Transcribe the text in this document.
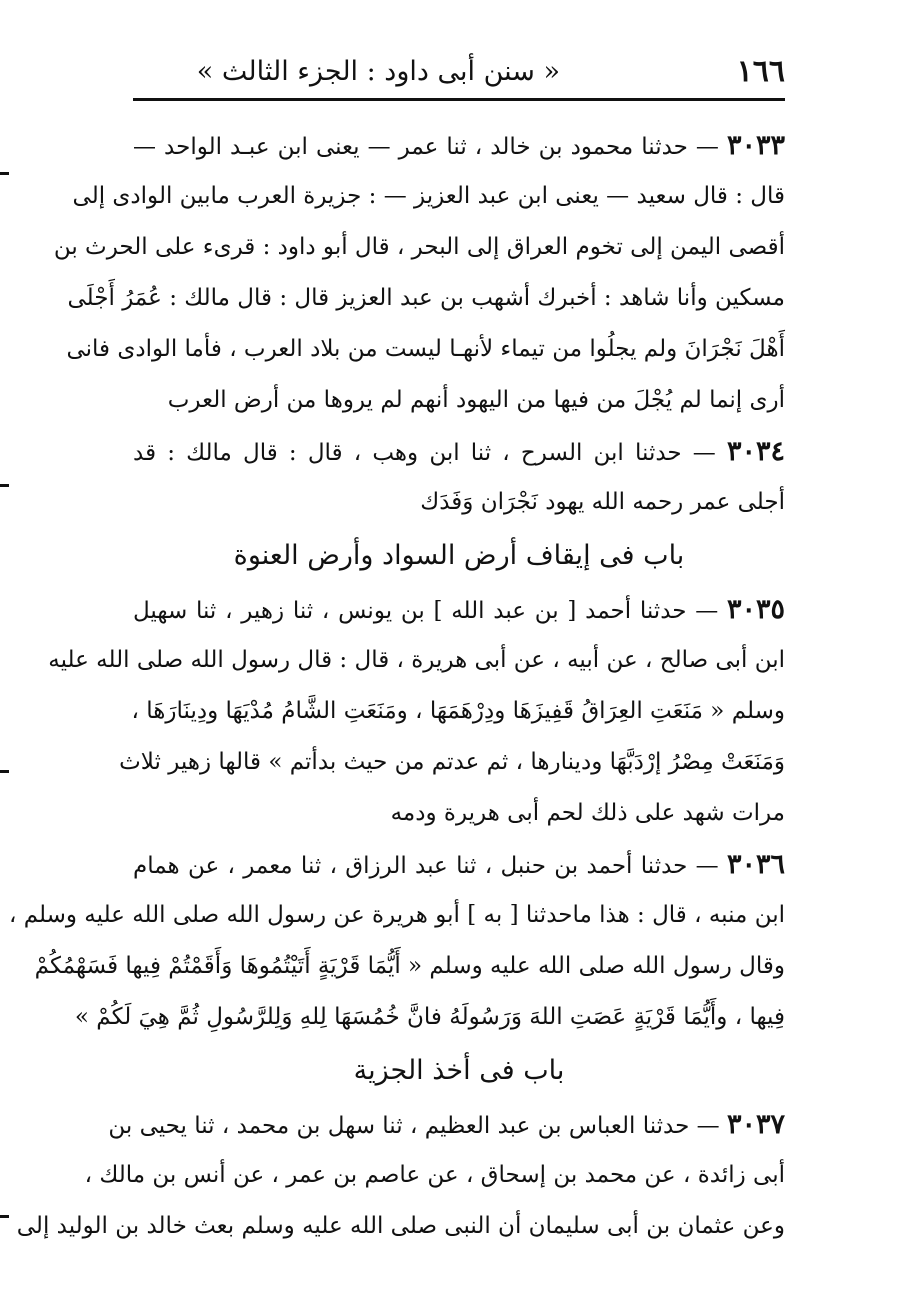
١٦٦
« سنن أبى داود : الجزء الثالث »
٣٠٣٣ — حدثنا محمود بن خالد ، ثنا عمر — يعنى ابن عبـد الواحد —
قال : قال سعيد — يعنى ابن عبد العزيز — : جزيرة العرب مابين الوادى إلى
أقصى اليمن إلى تخوم العراق إلى البحر ، قال أبو داود : قرىء على الحرث بن
مسكين وأنا شاهد : أخبرك أشهب بن عبد العزيز قال : قال مالك : عُمَرُ أَجْلَى
أَهْلَ نَجْرَانَ ولم يجلُوا من تيماء لأنهـا ليست من بلاد العرب ، فأما الوادى فانى
أرى إنما لم يُجْلَ من فيها من اليهود أنهم لم يروها من أرض العرب
٣٠٣٤ — حدثنا ابن السرح ، ثنا ابن وهب ، قال : قال مالك : قد
أجلى عمر رحمه الله يهود نَجْرَان وَفَدَك
باب فى إيقاف أرض السواد وأرض العنوة
٣٠٣٥ — حدثنا أحمد [ بن عبد الله ] بن يونس ، ثنا زهير ، ثنا سهيل
ابن أبى صالح ، عن أبيه ، عن أبى هريرة ، قال : قال رسول الله صلى الله عليه
وسلم « مَنَعَتِ العِرَاقُ قَفِيزَهَا ودِرْهَمَهَا ، ومَنَعَتِ الشَّامُ مُدْيَهَا ودِينَارَهَا ،
وَمَنَعَتْ مِصْرُ إرْدَبَّهَا ودينارها ، ثم عدتم من حيث بدأتم » قالها زهير ثلاث
مرات شهد على ذلك لحم أبى هريرة ودمه
٣٠٣٦ — حدثنا أحمد بن حنبل ، ثنا عبد الرزاق ، ثنا معمر ، عن همام
ابن منبه ، قال : هذا ماحدثنا [ به ] أبو هريرة عن رسول الله صلى الله عليه وسلم ،
وقال رسول الله صلى الله عليه وسلم « أَيُّمَا قَرْيَةٍ أَتَيْتُمُوهَا وَأَقَمْتُمْ فِيها فَسَهْمُكُمْ
فِيها ، وأَيُّمَا قَرْيَةٍ عَصَتِ اللهَ وَرَسُولَهُ فانَّ خُمُسَهَا لِلهِ وَلِلرَّسُولِ ثُمَّ هِيَ لَكُمْ »
باب فى أخذ الجزية
٣٠٣٧ — حدثنا العباس بن عبد العظيم ، ثنا سهل بن محمد ، ثنا يحيى بن
أبى زائدة ، عن محمد بن إسحاق ، عن عاصم بن عمر ، عن أنس بن مالك ،
وعن عثمان بن أبى سليمان أن النبى صلى الله عليه وسلم بعث خالد بن الوليد إلى
